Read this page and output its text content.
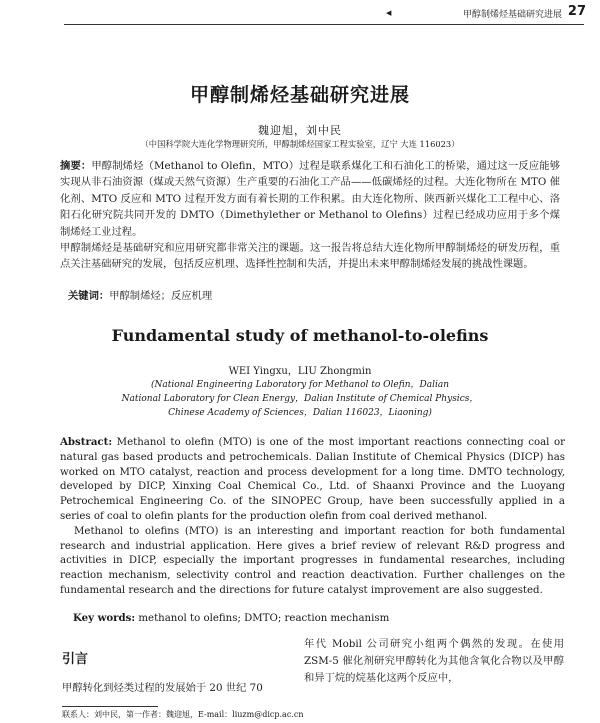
◀	甲醇制烯烃基础研究进展 27
甲醇制烯烃基础研究进展
魏迎旭，刘中民
（中国科学院大连化学物理研究所，甲醇制烯烃国家工程实验室，辽宁 大连 116023）

摘要：甲醇制烯烃（Methanol to Olefin，MTO）过程是联系煤化工和石油化工的桥梁，通过这一反应能够实现从非石油资源（煤或天然气资源）生产重要的石油化工产品——低碳烯烃的过程。大连化物所在 MTO 催化剂、MTO 反应和 MTO 过程开发方面有着长期的工作积累。由大连化物所、陕西新兴煤化工工程中心、洛阳石化研究院共同开发的 DMTO（Dimethylether or Methanol to Olefins）过程已经成功应用于多个煤制烯烃工业过程。

甲醇制烯烃是基础研究和应用研究都非常关注的课题。这一报告将总结大连化物所甲醇制烯烃的研发历程，重点关注基础研究的发展，包括反应机理、选择性控制和失活，并提出未来甲醇制烯烃发展的挑战性课题。

关键词：甲醇制烯烃；反应机理
Fundamental study of methanol-to-olefins
WEI Yingxu，LIU Zhongmin
(National Engineering Laboratory for Methanol to Olefin，Dalian
National Laboratory for Clean Energy，Dalian Institute of Chemical Physics，
Chinese Academy of Sciences，Dalian 116023，Liaoning)

Abstract: Methanol to olefin (MTO) is one of the most important reactions connecting coal or natural gas based products and petrochemicals. Dalian Institute of Chemical Physics (DICP) has worked on MTO catalyst, reaction and process development for a long time. DMTO technology, developed by DICP, Xinxing Coal Chemical Co., Ltd. of Shaanxi Province and the Luoyang Petrochemical Engineering Co. of the SINOPEC Group, have been successfully applied in a series of coal to olefin plants for the production olefin from coal derived methanol.

Methanol to olefins (MTO) is an interesting and important reaction for both fundamental research and industrial application. Here gives a brief review of relevant R&D progress and activities in DICP, especially the important progresses in fundamental researches, including reaction mechanism, selectivity control and reaction deactivation. Further challenges on the fundamental research and the directions for future catalyst improvement are also suggested.

Key words: methanol to olefins; DMTO; reaction mechanism
引言
甲醇转化到烃类过程的发展始于 20 世纪 70
年代 Mobil 公司研究小组两个偶然的发现。在使用 ZSM-5 催化剂研究甲醇转化为其他含氧化合物以及甲醇和异丁烷的烷基化这两个反应中，
联系人：刘中民，第一作者：魏迎旭，E-mail：liuzm@dicp.ac.cn
